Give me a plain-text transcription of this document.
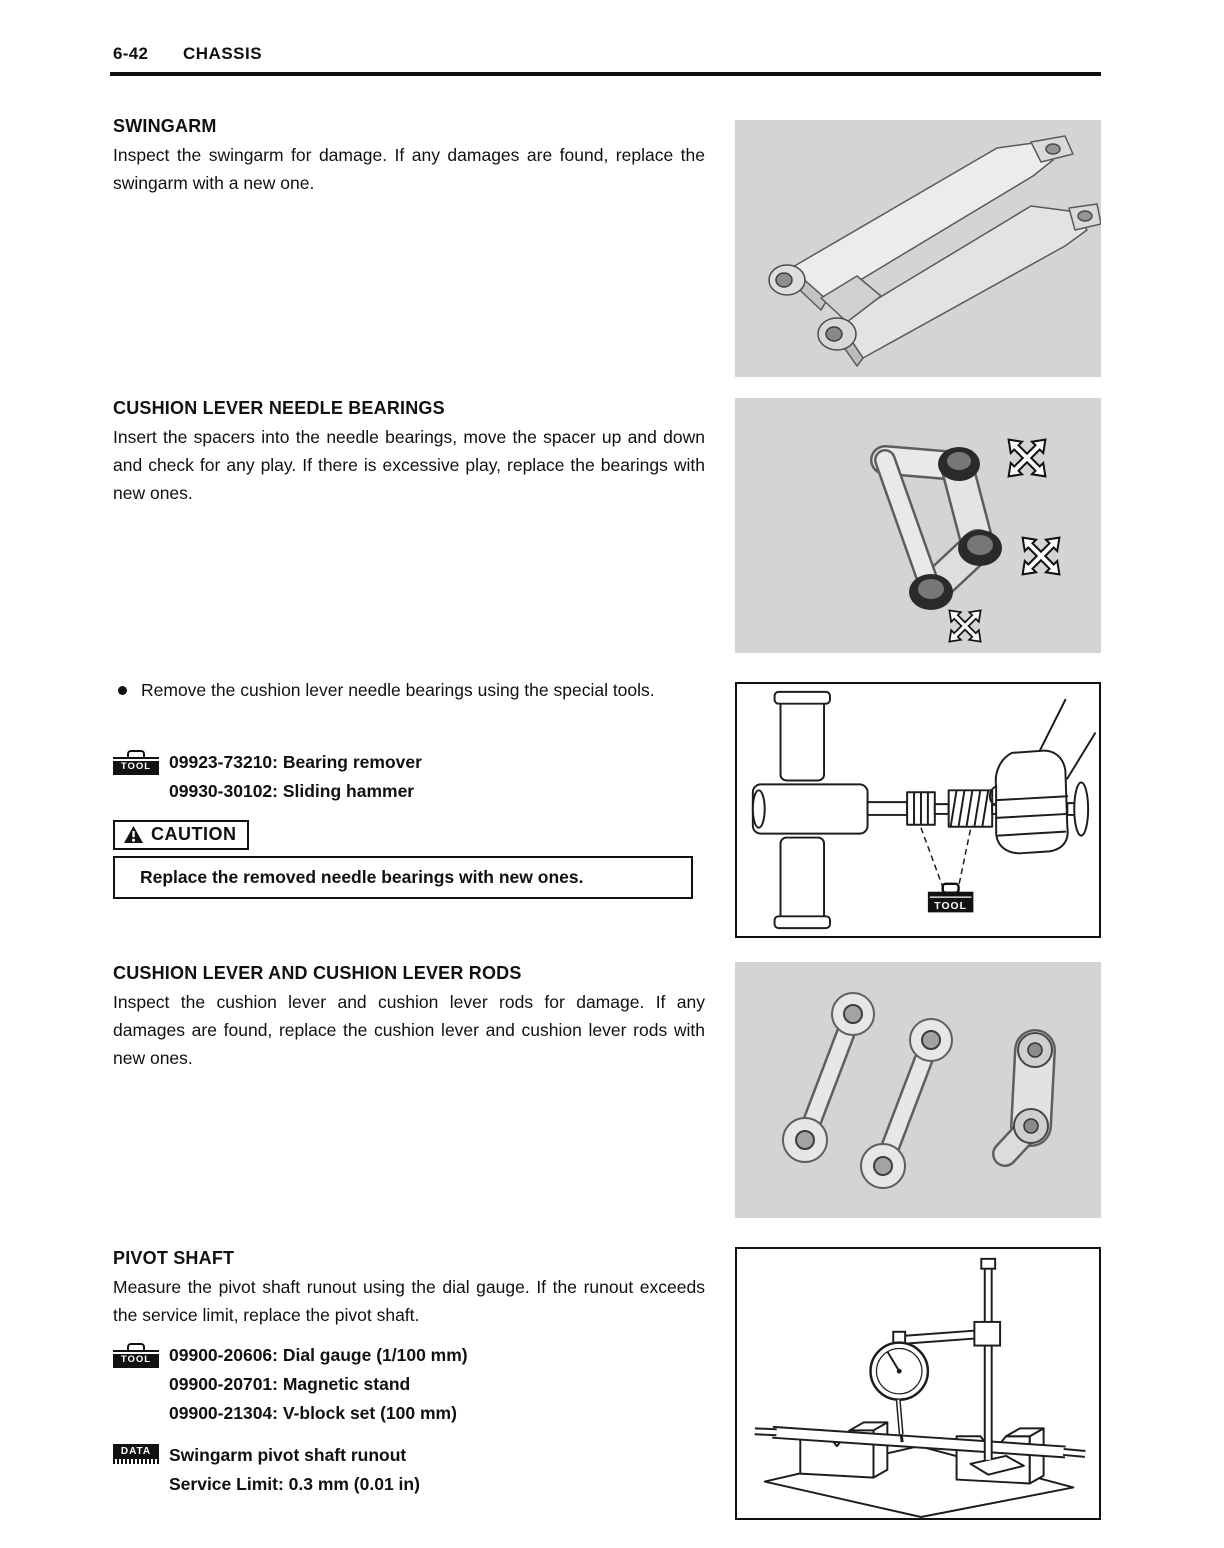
6-42 CHASSIS
SWINGARM

Inspect the swingarm for damage. If any damages are found, replace the swingarm with a new one.

CUSHION LEVER NEEDLE BEARINGS

Insert the spacers into the needle bearings, move the spacer up and down and check for any play. If there is excessive play, replace the bearings with new ones.

Remove the cushion lever needle bearings using the special tools.
TOOL	09923-73210: Bearing remover
09930-30102: Sliding hammer
CAUTION
Replace the removed needle bearings with new ones.
TOOL
CUSHION LEVER AND CUSHION LEVER RODS

Inspect the cushion lever and cushion lever rods for damage. If any damages are found, replace the cushion lever and cushion lever rods with new ones.

PIVOT SHAFT

Measure the pivot shaft runout using the dial gauge. If the runout exceeds the service limit, replace the pivot shaft.

TOOL	09900-20606: Dial gauge (1/100 mm)
09900-20701: Magnetic stand
09900-21304: V-block set (100 mm)
DATA	Swingarm pivot shaft runout
Service Limit: 0.3 mm (0.01 in)
